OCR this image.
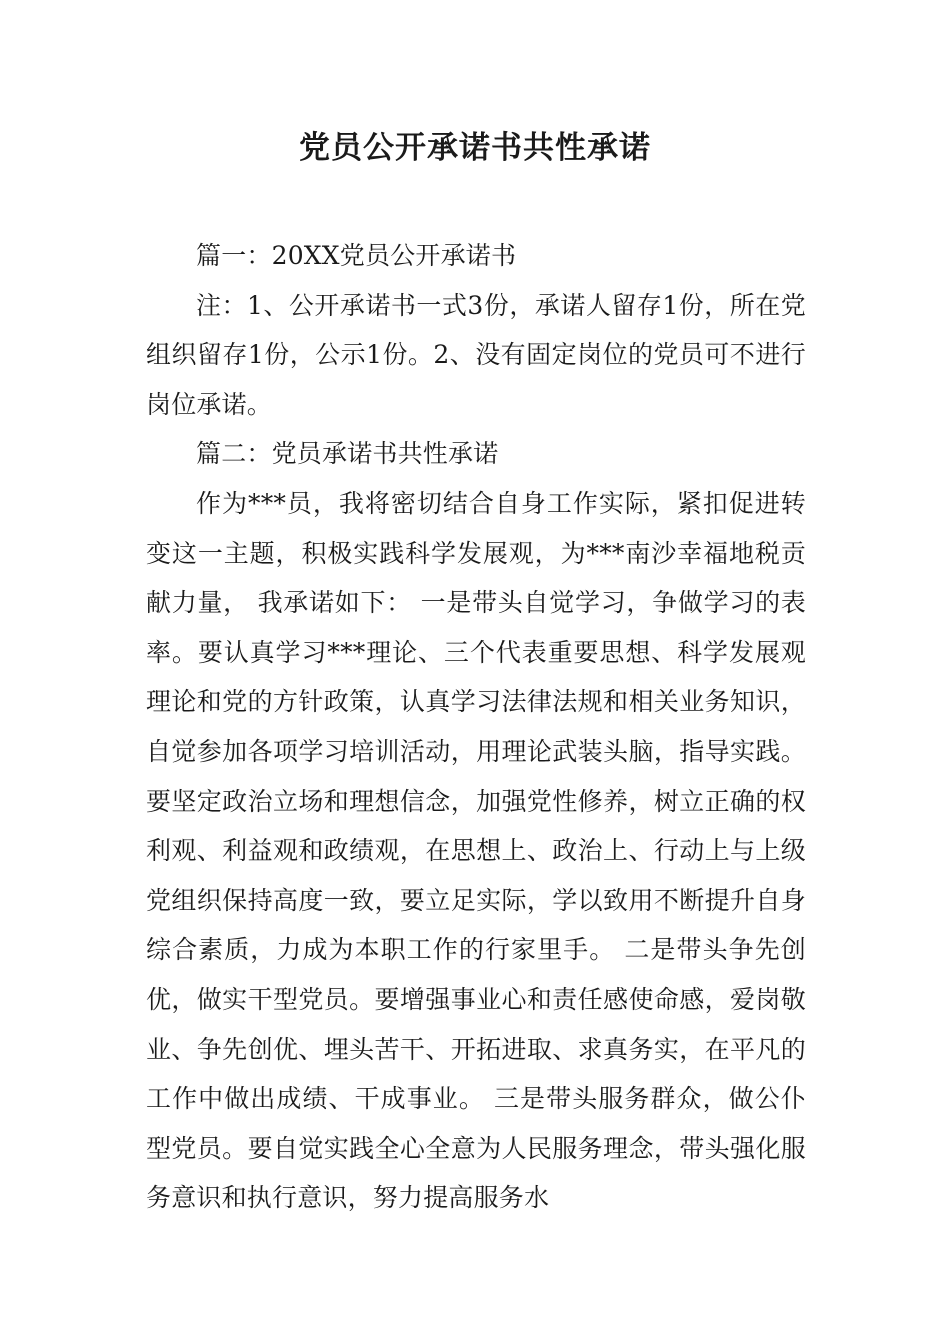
党员公开承诺书共性承诺

篇一：20XX党员公开承诺书

注：1、公开承诺书一式3份，承诺人留存1份，所在党组织留存1份，公示1份。2、没有固定岗位的党员可不进行岗位承诺。

篇二：党员承诺书共性承诺

作为***员，我将密切结合自身工作实际，紧扣促进转变这一主题，积极实践科学发展观，为***南沙幸福地税贡献力量， 我承诺如下： 一是带头自觉学习，争做学习的表率。要认真学习***理论、三个代表重要思想、科学发展观理论和党的方针政策，认真学习法律法规和相关业务知识，自觉参加各项学习培训活动，用理论武装头脑，指导实践。要坚定政治立场和理想信念，加强党性修养，树立正确的权利观、利益观和政绩观，在思想上、政治上、行动上与上级党组织保持高度一致，要立足实际，学以致用不断提升自身综合素质，力成为本职工作的行家里手。 二是带头争先创优，做实干型党员。要增强事业心和责任感使命感，爱岗敬业、争先创优、埋头苦干、开拓进取、求真务实，在平凡的工作中做出成绩、干成事业。 三是带头服务群众，做公仆型党员。要自觉实践全心全意为人民服务理念，带头强化服务意识和执行意识，努力提高服务水
